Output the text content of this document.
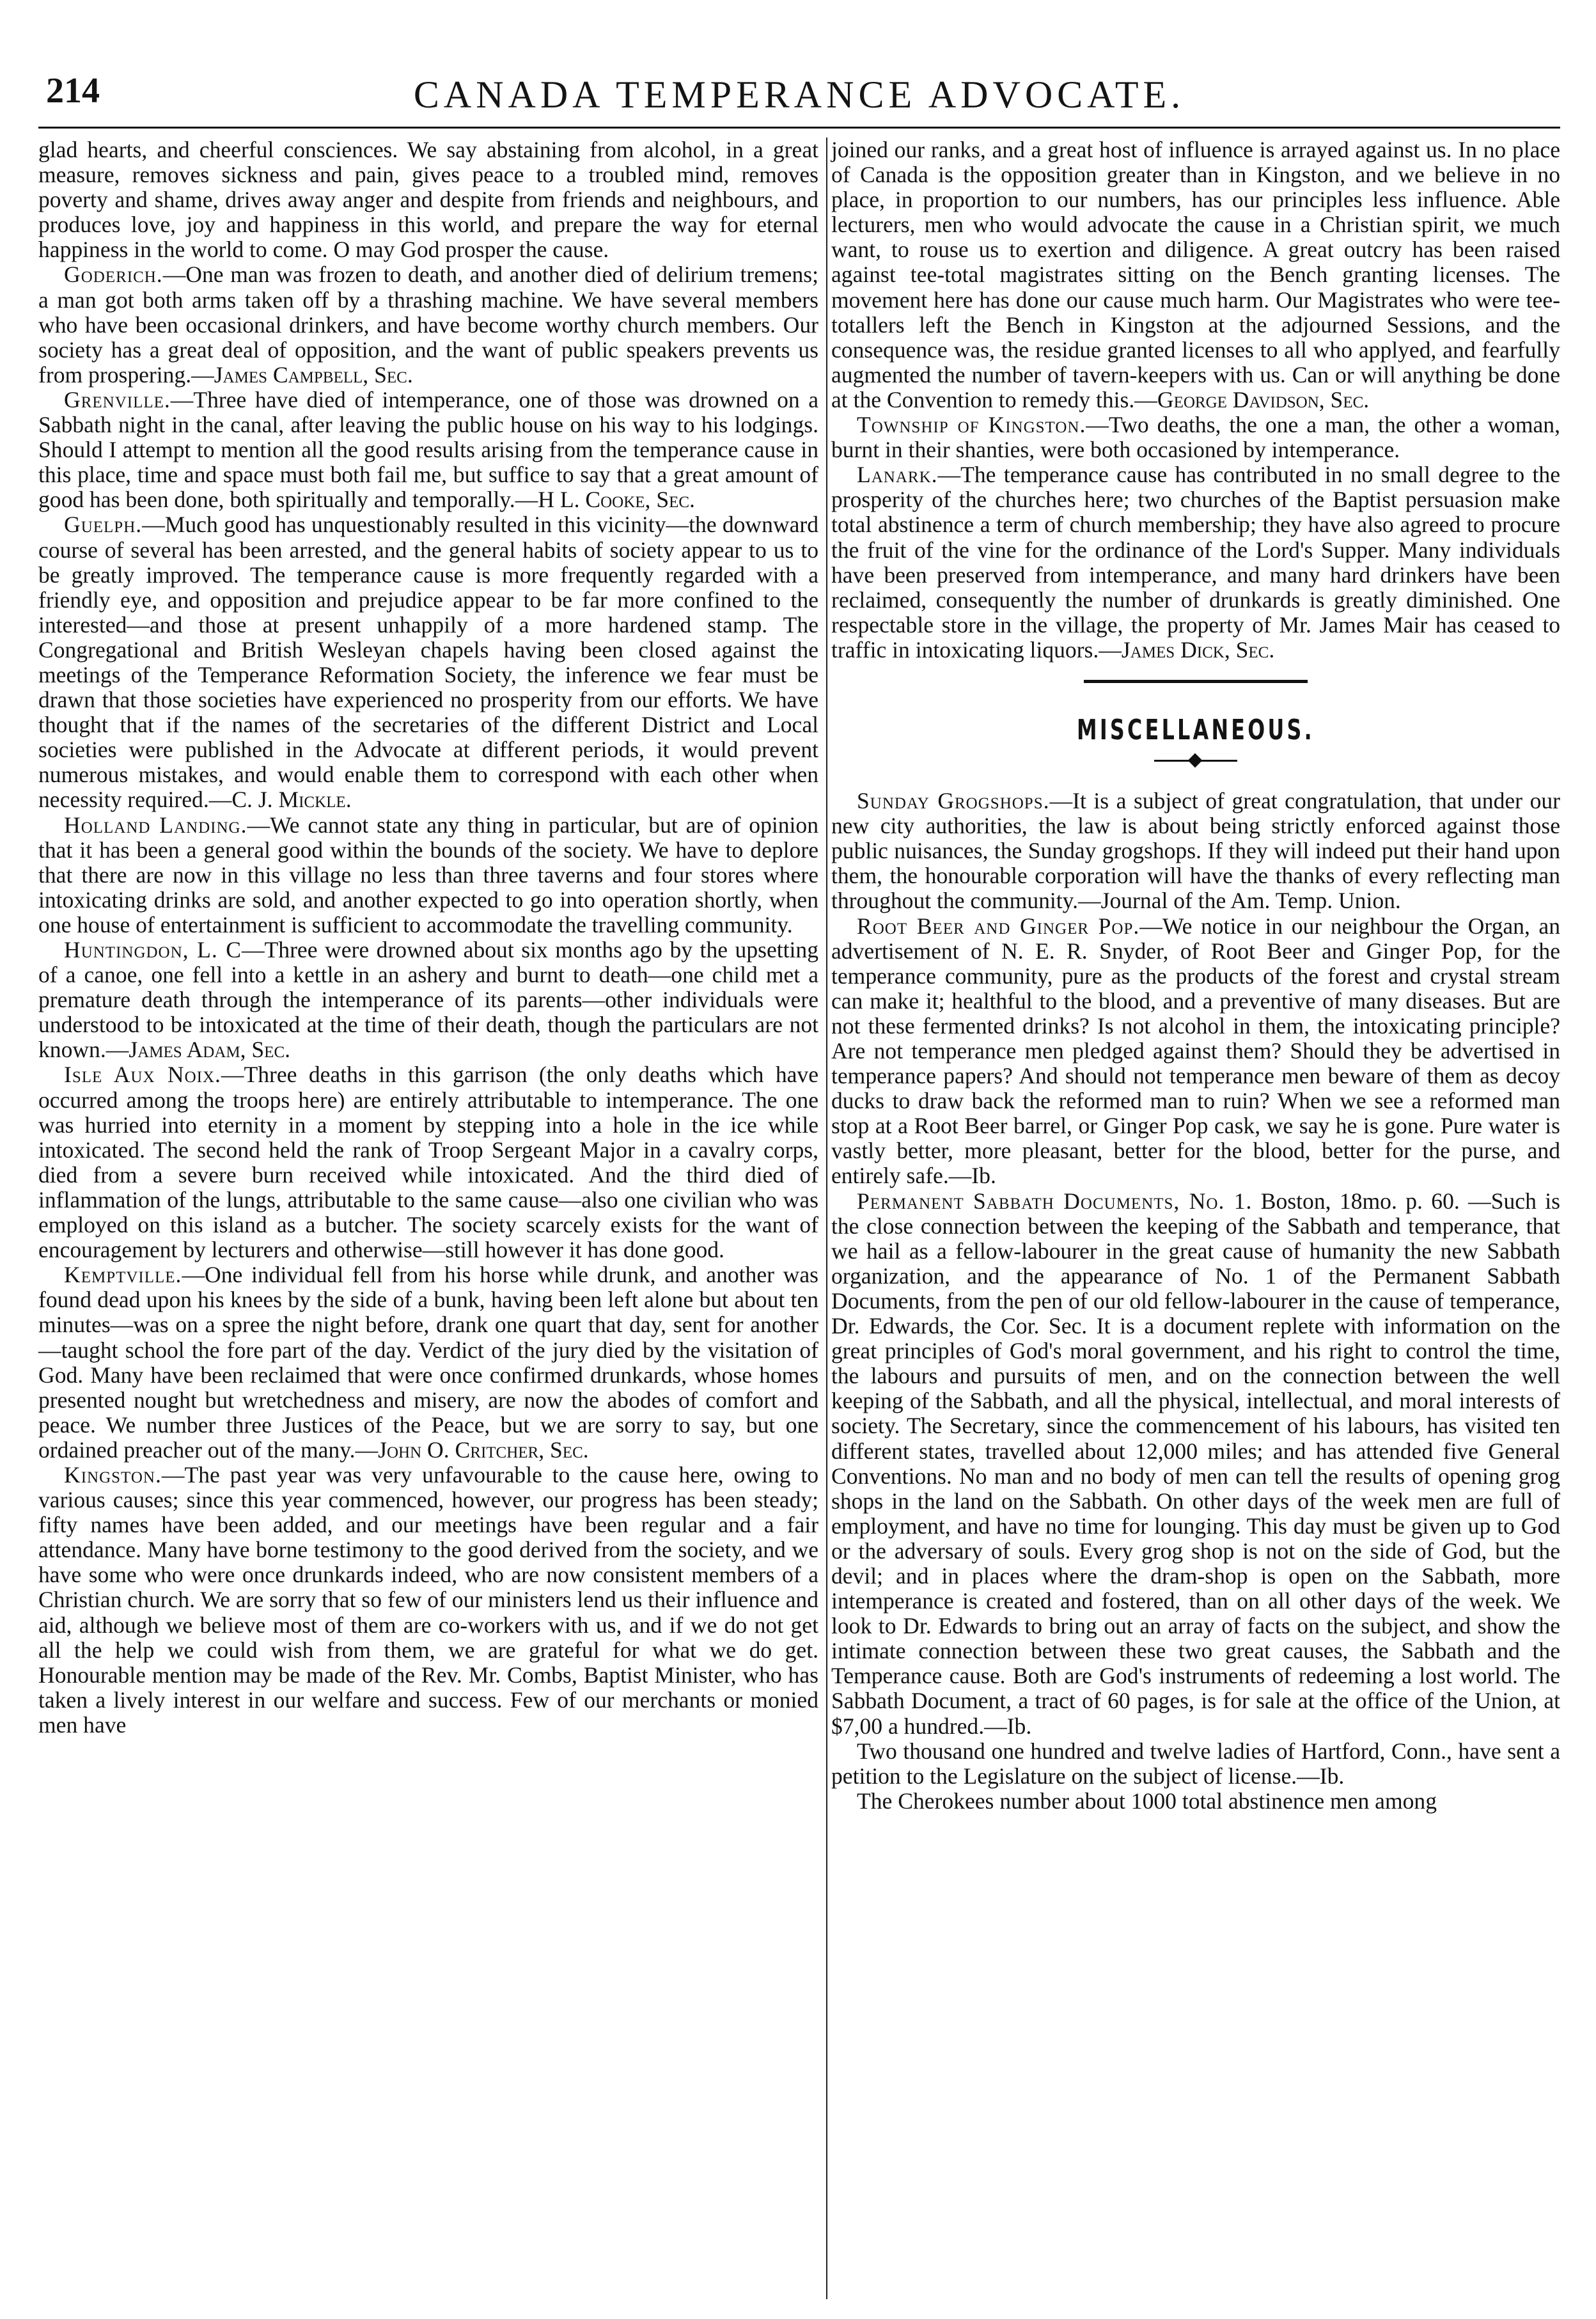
214	CANADA TEMPERANCE ADVOCATE.

glad hearts, and cheerful consciences. We say abstaining from alcohol, in a great measure, removes sickness and pain, gives peace to a troubled mind, removes poverty and shame, drives away anger and despite from friends and neighbours, and produces love, joy and happiness in this world, and prepare the way for eternal happiness in the world to come. O may God prosper the cause.

Goderich.—One man was frozen to death, and another died of delirium tremens; a man got both arms taken off by a thrashing machine. We have several members who have been occasional drinkers, and have become worthy church members. Our society has a great deal of opposition, and the want of public speakers prevents us from prospering.—James Campbell, Sec.

Grenville.—Three have died of intemperance, one of those was drowned on a Sabbath night in the canal, after leaving the public house on his way to his lodgings. Should I attempt to mention all the good results arising from the temperance cause in this place, time and space must both fail me, but suffice to say that a great amount of good has been done, both spiritually and temporally.—H L. Cooke, Sec.

Guelph.—Much good has unquestionably resulted in this vicinity—the downward course of several has been arrested, and the general habits of society appear to us to be greatly improved. The temperance cause is more frequently regarded with a friendly eye, and opposition and prejudice appear to be far more confined to the interested—and those at present unhappily of a more hardened stamp. The Congregational and British Wesleyan chapels having been closed against the meetings of the Temperance Reformation Society, the inference we fear must be drawn that those societies have experienced no prosperity from our efforts. We have thought that if the names of the secretaries of the different District and Local societies were published in the Advocate at different periods, it would prevent numerous mistakes, and would enable them to correspond with each other when necessity required.—C. J. Mickle.

Holland Landing.—We cannot state any thing in particular, but are of opinion that it has been a general good within the bounds of the society. We have to deplore that there are now in this village no less than three taverns and four stores where intoxicating drinks are sold, and another expected to go into operation shortly, when one house of entertainment is sufficient to accommodate the travelling community.

Huntingdon, L. C—Three were drowned about six months ago by the upsetting of a canoe, one fell into a kettle in an ashery and burnt to death—one child met a premature death through the intemperance of its parents—other individuals were understood to be intoxicated at the time of their death, though the particulars are not known.—James Adam, Sec.

Isle Aux Noix.—Three deaths in this garrison (the only deaths which have occurred among the troops here) are entirely attributable to intemperance. The one was hurried into eternity in a moment by stepping into a hole in the ice while intoxicated. The second held the rank of Troop Sergeant Major in a cavalry corps, died from a severe burn received while intoxicated. And the third died of inflammation of the lungs, attributable to the same cause—also one civilian who was employed on this island as a butcher. The society scarcely exists for the want of encouragement by lecturers and otherwise—still however it has done good.

Kemptville.—One individual fell from his horse while drunk, and another was found dead upon his knees by the side of a bunk, having been left alone but about ten minutes—was on a spree the night before, drank one quart that day, sent for another—taught school the fore part of the day. Verdict of the jury died by the visitation of God. Many have been reclaimed that were once confirmed drunkards, whose homes presented nought but wretchedness and misery, are now the abodes of comfort and peace. We number three Justices of the Peace, but we are sorry to say, but one ordained preacher out of the many.—John O. Critcher, Sec.

Kingston.—The past year was very unfavourable to the cause here, owing to various causes; since this year commenced, however, our progress has been steady; fifty names have been added, and our meetings have been regular and a fair attendance. Many have borne testimony to the good derived from the society, and we have some who were once drunkards indeed, who are now consistent members of a Christian church. We are sorry that so few of our ministers lend us their influence and aid, although we believe most of them are co-workers with us, and if we do not get all the help we could wish from them, we are grateful for what we do get. Honourable mention may be made of the Rev. Mr. Combs, Baptist Minister, who has taken a lively interest in our welfare and success. Few of our merchants or monied men have

joined our ranks, and a great host of influence is arrayed against us. In no place of Canada is the opposition greater than in Kingston, and we believe in no place, in proportion to our numbers, has our principles less influence. Able lecturers, men who would advocate the cause in a Christian spirit, we much want, to rouse us to exertion and diligence. A great outcry has been raised against tee-total magistrates sitting on the Bench granting licenses. The movement here has done our cause much harm. Our Magistrates who were tee-totallers left the Bench in Kingston at the adjourned Sessions, and the consequence was, the residue granted licenses to all who applyed, and fearfully augmented the number of tavern-keepers with us. Can or will anything be done at the Convention to remedy this.—George Davidson, Sec.

Township of Kingston.—Two deaths, the one a man, the other a woman, burnt in their shanties, were both occasioned by intemperance.

Lanark.—The temperance cause has contributed in no small degree to the prosperity of the churches here; two churches of the Baptist persuasion make total abstinence a term of church membership; they have also agreed to procure the fruit of the vine for the ordinance of the Lord's Supper. Many individuals have been preserved from intemperance, and many hard drinkers have been reclaimed, consequently the number of drunkards is greatly diminished. One respectable store in the village, the property of Mr. James Mair has ceased to traffic in intoxicating liquors.—James Dick, Sec.

MISCELLANEOUS.

Sunday Grogshops.—It is a subject of great congratulation, that under our new city authorities, the law is about being strictly enforced against those public nuisances, the Sunday grogshops. If they will indeed put their hand upon them, the honourable corporation will have the thanks of every reflecting man throughout the community.—Journal of the Am. Temp. Union.

Root Beer and Ginger Pop.—We notice in our neighbour the Organ, an advertisement of N. E. R. Snyder, of Root Beer and Ginger Pop, for the temperance community, pure as the products of the forest and crystal stream can make it; healthful to the blood, and a preventive of many diseases. But are not these fermented drinks? Is not alcohol in them, the intoxicating principle? Are not temperance men pledged against them? Should they be advertised in temperance papers? And should not temperance men beware of them as decoy ducks to draw back the reformed man to ruin? When we see a reformed man stop at a Root Beer barrel, or Ginger Pop cask, we say he is gone. Pure water is vastly better, more pleasant, better for the blood, better for the purse, and entirely safe.—Ib.

Permanent Sabbath Documents, No. 1. Boston, 18mo. p. 60. —Such is the close connection between the keeping of the Sabbath and temperance, that we hail as a fellow-labourer in the great cause of humanity the new Sabbath organization, and the appearance of No. 1 of the Permanent Sabbath Documents, from the pen of our old fellow-labourer in the cause of temperance, Dr. Edwards, the Cor. Sec. It is a document replete with information on the great principles of God's moral government, and his right to control the time, the labours and pursuits of men, and on the connection between the well keeping of the Sabbath, and all the physical, intellectual, and moral interests of society. The Secretary, since the commencement of his labours, has visited ten different states, travelled about 12,000 miles; and has attended five General Conventions. No man and no body of men can tell the results of opening grog shops in the land on the Sabbath. On other days of the week men are full of employment, and have no time for lounging. This day must be given up to God or the adversary of souls. Every grog shop is not on the side of God, but the devil; and in places where the dram-shop is open on the Sabbath, more intemperance is created and fostered, than on all other days of the week. We look to Dr. Edwards to bring out an array of facts on the subject, and show the intimate connection between these two great causes, the Sabbath and the Temperance cause. Both are God's instruments of redeeming a lost world. The Sabbath Document, a tract of 60 pages, is for sale at the office of the Union, at $7,00 a hundred.—Ib.

Two thousand one hundred and twelve ladies of Hartford, Conn., have sent a petition to the Legislature on the subject of license.—Ib.

The Cherokees number about 1000 total abstinence men among
